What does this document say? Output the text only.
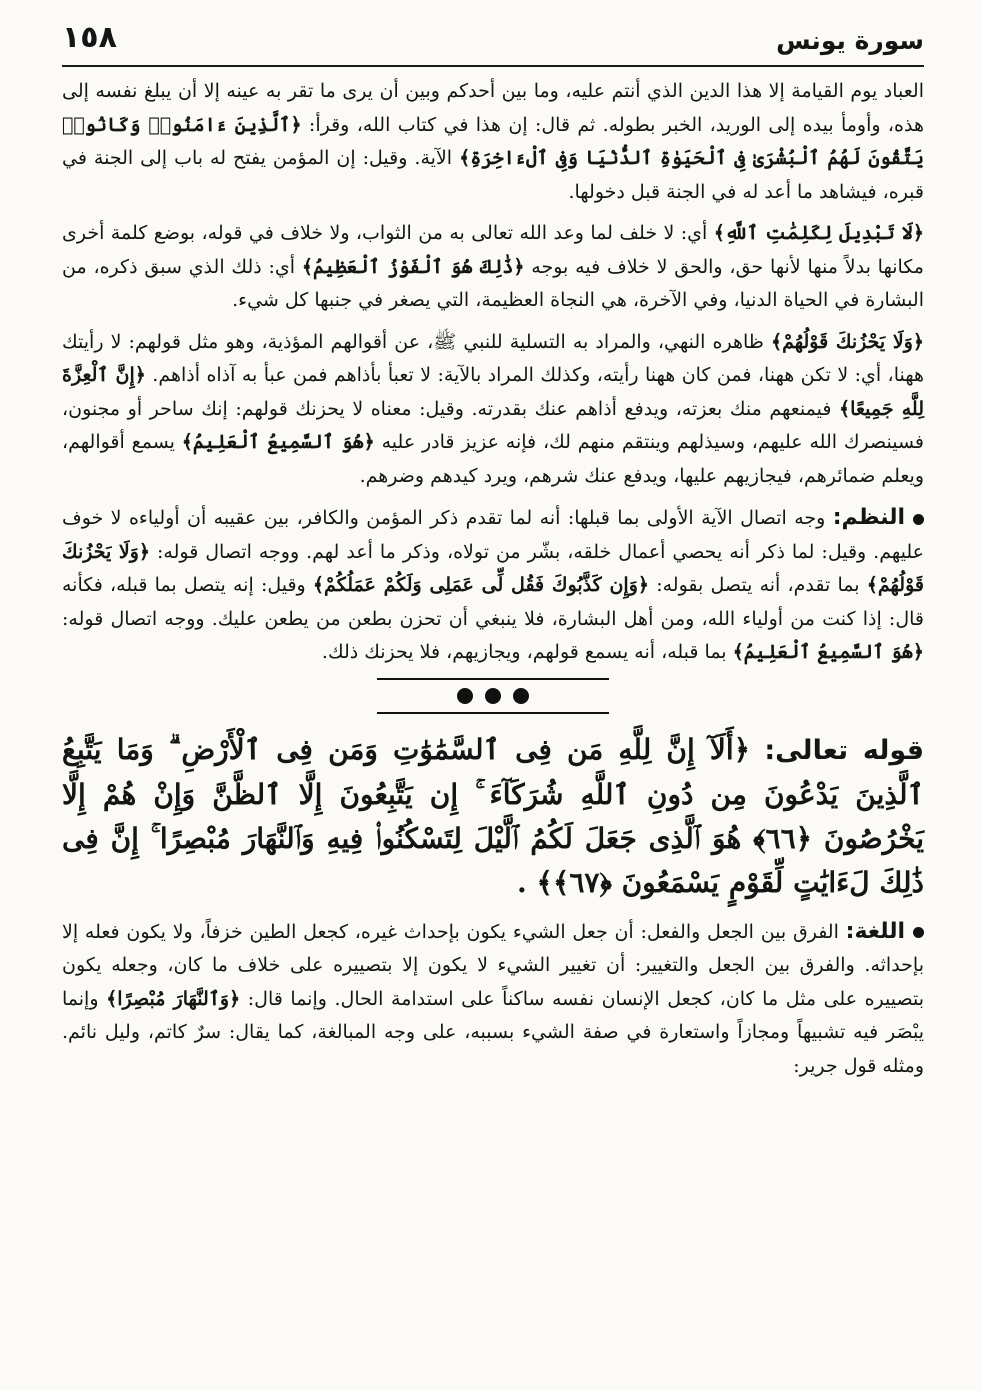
سورة يونس
١٥٨

العباد يوم القيامة إلا هذا الدين الذي أنتم عليه، وما بين أحدكم وبين أن يرى ما تقر به عينه إلا أن يبلغ نفسه إلى هذه، وأومأ بيده إلى الوريد، الخبر بطوله. ثم قال: إن هذا في كتاب الله، وقرأ: ﴿ٱلَّذِينَ ءَامَنُوا۟ وَكَانُوا۟ يَتَّقُونَ لَهُمُ ٱلْبُشْرَىٰ فِى ٱلْحَيَوٰةِ ٱلدُّنْيَا وَفِى ٱلْءَاخِرَةِ﴾ الآية. وقيل: إن المؤمن يفتح له باب إلى الجنة في قبره، فيشاهد ما أعد له في الجنة قبل دخولها.

﴿لَا تَبْدِيلَ لِكَلِمَٰتِ ٱللَّهِ﴾ أي: لا خلف لما وعد الله تعالى به من الثواب، ولا خلاف في قوله، بوضع كلمة أخرى مكانها بدلاً منها لأنها حق، والحق لا خلاف فيه بوجه ﴿ذَٰلِكَ هُوَ ٱلْفَوْزُ ٱلْعَظِيمُ﴾ أي: ذلك الذي سبق ذكره، من البشارة في الحياة الدنيا، وفي الآخرة، هي النجاة العظيمة، التي يصغر في جنبها كل شيء.

﴿وَلَا يَحْزُنكَ قَوْلُهُمْ﴾ ظاهره النهي، والمراد به التسلية للنبي ﷺ، عن أقوالهم المؤذية، وهو مثل قولهم: لا رأيتك ههنا، أي: لا تكن ههنا، فمن كان ههنا رأيته، وكذلك المراد بالآية: لا تعبأ بأذاهم فمن عبأ به آذاه أذاهم. ﴿إِنَّ ٱلْعِزَّةَ لِلَّهِ جَمِيعًا﴾ فيمنعهم منك بعزته، ويدفع أذاهم عنك بقدرته. وقيل: معناه لا يحزنك قولهم: إنك ساحر أو مجنون، فسينصرك الله عليهم، وسيذلهم وينتقم منهم لك، فإنه عزيز قادر عليه ﴿هُوَ ٱلسَّمِيعُ ٱلْعَلِيمُ﴾ يسمع أقوالهم، ويعلم ضمائرهم، فيجازيهم عليها، ويدفع عنك شرهم، ويرد كيدهم وضرهم.

النظم: وجه اتصال الآية الأولى بما قبلها: أنه لما تقدم ذكر المؤمن والكافر، بين عقيبه أن أولياءه لا خوف عليهم. وقيل: لما ذكر أنه يحصي أعمال خلقه، بشّر من تولاه، وذكر ما أعد لهم. ووجه اتصال قوله: ﴿وَلَا يَحْزُنكَ قَوْلُهُمْ﴾ بما تقدم، أنه يتصل بقوله: ﴿وَإِن كَذَّبُوكَ فَقُل لِّى عَمَلِى وَلَكُمْ عَمَلُكُمْ﴾ وقيل: إنه يتصل بما قبله، فكأنه قال: إذا كنت من أولياء الله، ومن أهل البشارة، فلا ينبغي أن تحزن بطعن من يطعن عليك. ووجه اتصال قوله: ﴿هُوَ ٱلسَّمِيعُ ٱلْعَلِيمُ﴾ بما قبله، أنه يسمع قولهم، ويجازيهم، فلا يحزنك ذلك.

قوله تعالى: ﴿أَلَآ إِنَّ لِلَّهِ مَن فِى ٱلسَّمَٰوَٰتِ وَمَن فِى ٱلْأَرْضِ ۗ وَمَا يَتَّبِعُ ٱلَّذِينَ يَدْعُونَ مِن دُونِ ٱللَّهِ شُرَكَآءَ ۚ إِن يَتَّبِعُونَ إِلَّا ٱلظَّنَّ وَإِنْ هُمْ إِلَّا يَخْرُصُونَ ﴿٦٦﴾ هُوَ ٱلَّذِى جَعَلَ لَكُمُ ٱلَّيْلَ لِتَسْكُنُوا۟ فِيهِ وَٱلنَّهَارَ مُبْصِرًا ۚ إِنَّ فِى ذَٰلِكَ لَءَايَٰتٍ لِّقَوْمٍ يَسْمَعُونَ ﴿٦٧﴾﴾ .

اللغة: الفرق بين الجعل والفعل: أن جعل الشيء يكون بإحداث غيره، كجعل الطين خزفاً، ولا يكون فعله إلا بإحداثه. والفرق بين الجعل والتغيير: أن تغيير الشيء لا يكون إلا بتصييره على خلاف ما كان، وجعله يكون بتصييره على مثل ما كان، كجعل الإنسان نفسه ساكناً على استدامة الحال. وإنما قال: ﴿وَٱلنَّهَارَ مُبْصِرًا﴾ وإنما يبْصَر فيه تشبيهاً ومجازاً واستعارة في صفة الشيء بسببه، على وجه المبالغة، كما يقال: سرٌ كاتم، وليل نائم. ومثله قول جرير:
